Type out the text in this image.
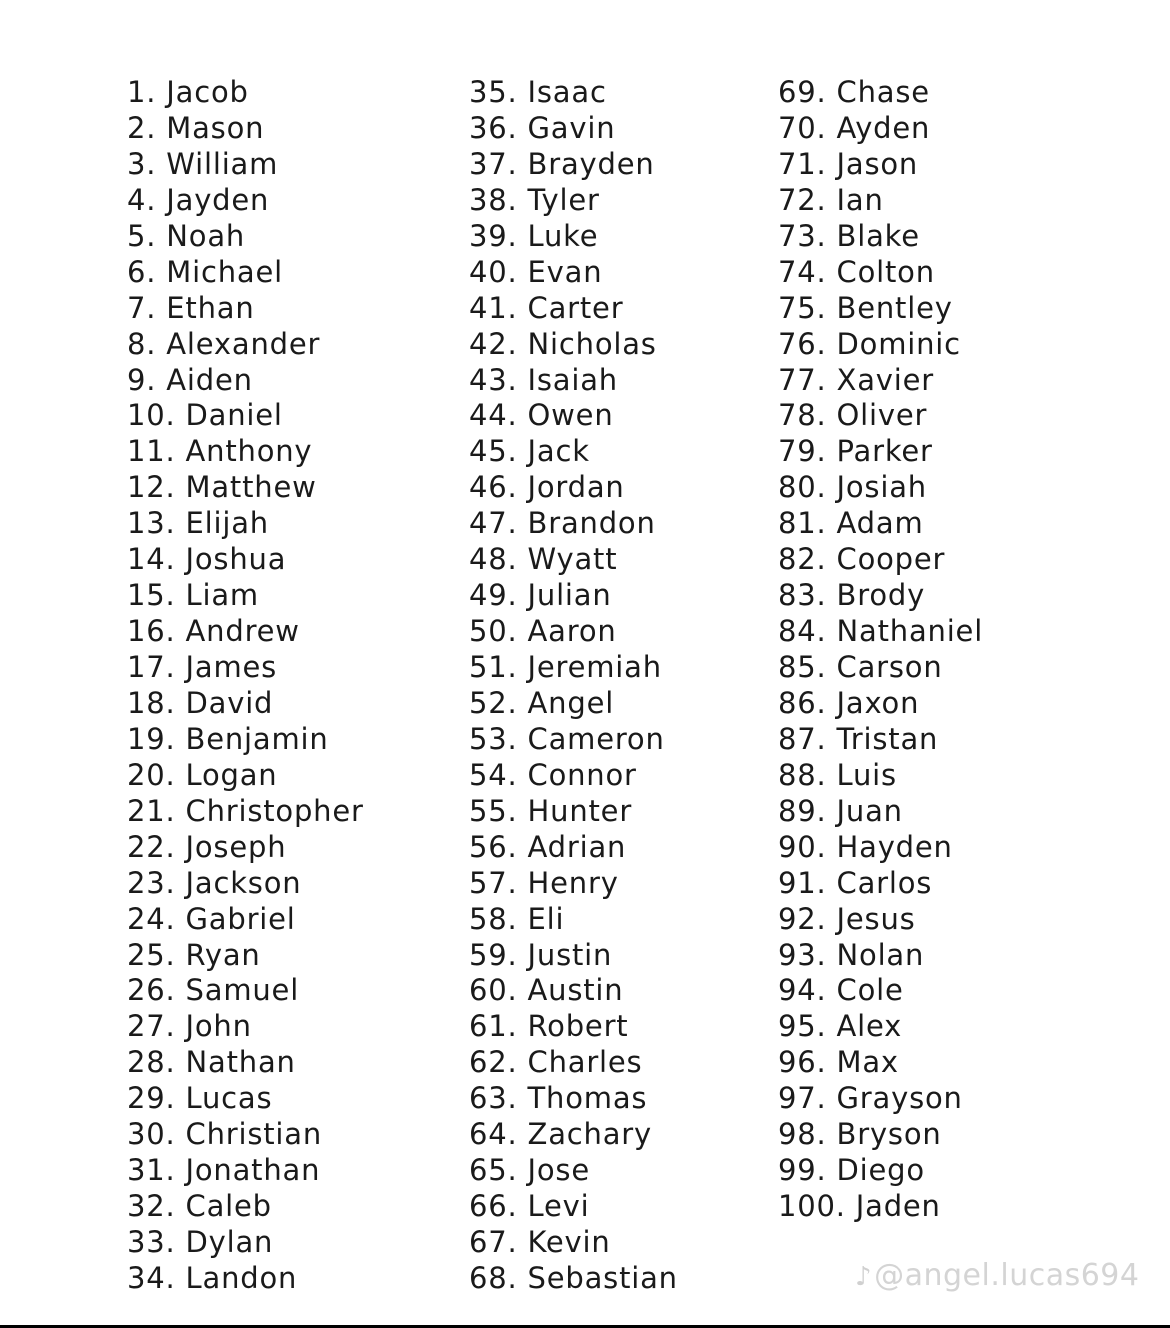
1. Jacob
2. Mason
3. William
4. Jayden
5. Noah
6. Michael
7. Ethan
8. Alexander
9. Aiden
10. Daniel
11. Anthony
12. Matthew
13. Elijah
14. Joshua
15. Liam
16. Andrew
17. James
18. David
19. Benjamin
20. Logan
21. Christopher
22. Joseph
23. Jackson
24. Gabriel
25. Ryan
26. Samuel
27. John
28. Nathan
29. Lucas
30. Christian
31. Jonathan
32. Caleb
33. Dylan
34. Landon
35. Isaac
36. Gavin
37. Brayden
38. Tyler
39. Luke
40. Evan
41. Carter
42. Nicholas
43. Isaiah
44. Owen
45. Jack
46. Jordan
47. Brandon
48. Wyatt
49. Julian
50. Aaron
51. Jeremiah
52. Angel
53. Cameron
54. Connor
55. Hunter
56. Adrian
57. Henry
58. Eli
59. Justin
60. Austin
61. Robert
62. Charles
63. Thomas
64. Zachary
65. Jose
66. Levi
67. Kevin
68. Sebastian
69. Chase
70. Ayden
71. Jason
72. Ian
73. Blake
74. Colton
75. Bentley
76. Dominic
77. Xavier
78. Oliver
79. Parker
80. Josiah
81. Adam
82. Cooper
83. Brody
84. Nathaniel
85. Carson
86. Jaxon
87. Tristan
88. Luis
89. Juan
90. Hayden
91. Carlos
92. Jesus
93. Nolan
94. Cole
95. Alex
96. Max
97. Grayson
98. Bryson
99. Diego
100. Jaden
♪@angel.lucas694
